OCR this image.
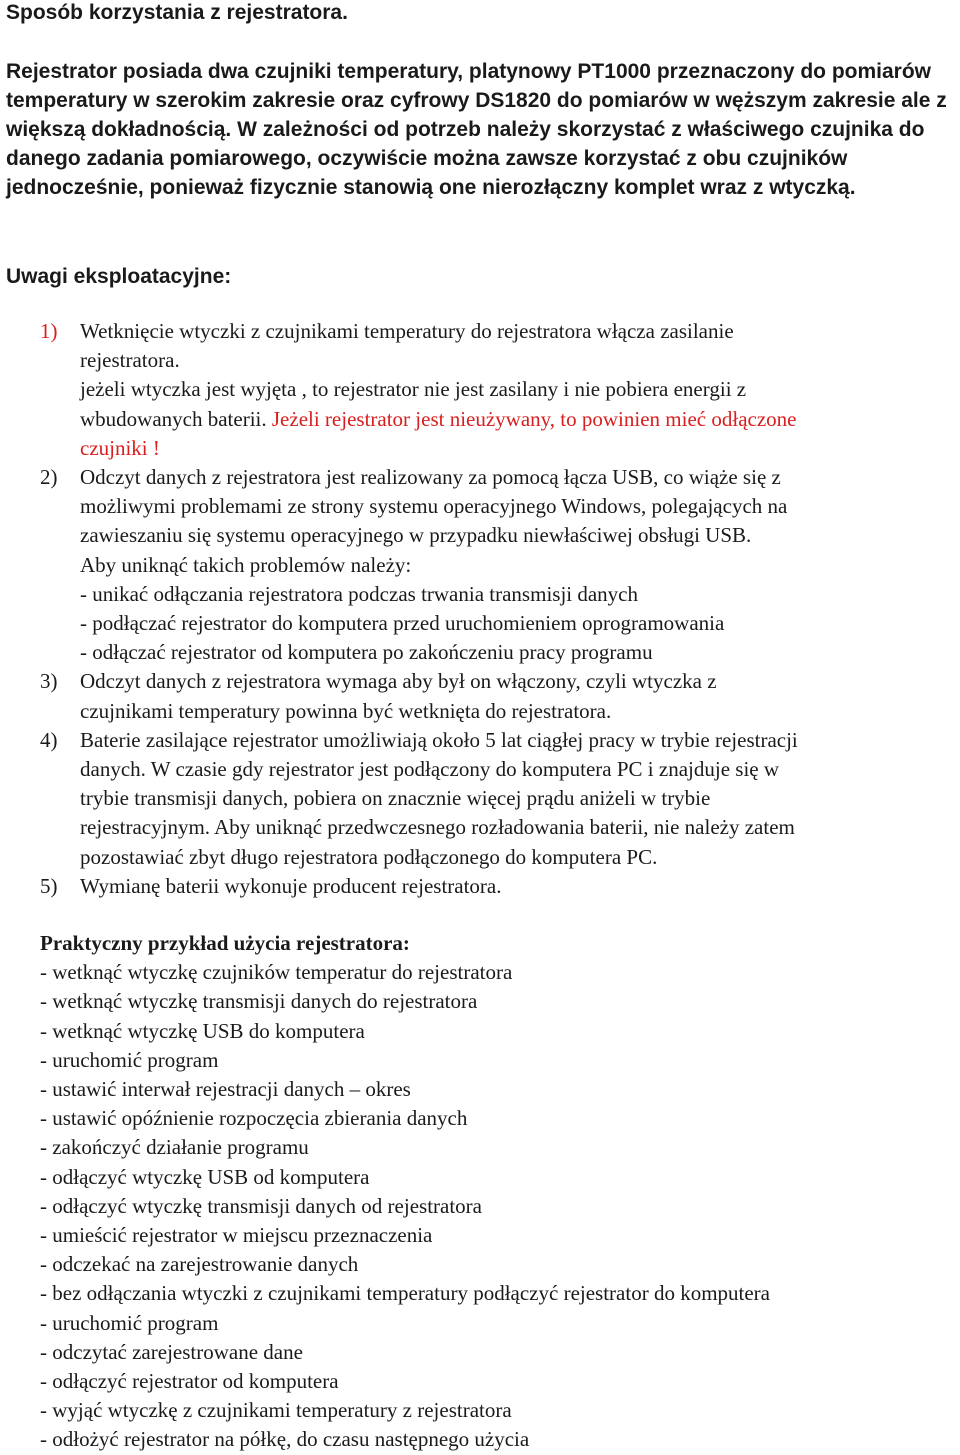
Sposób korzystania z rejestratora.
Rejestrator posiada dwa czujniki temperatury, platynowy PT1000 przeznaczony do pomiarów temperatury w szerokim zakresie oraz cyfrowy DS1820 do pomiarów w węższym zakresie ale z większą dokładnością. W zależności od potrzeb należy skorzystać z właściwego czujnika do danego zadania pomiarowego, oczywiście można zawsze korzystać z obu czujników jednocześnie, ponieważ fizycznie stanowią one nierozłączny komplet wraz z wtyczką.
Uwagi eksploatacyjne:
1) Wetknięcie wtyczki z czujnikami temperatury do rejestratora włącza zasilanie
rejestratora.
jeżeli wtyczka jest wyjęta , to rejestrator nie jest zasilany i nie pobiera energii z
wbudowanych baterii. Jeżeli rejestrator jest nieużywany, to powinien mieć odłączone
czujniki !
2) Odczyt danych z rejestratora jest realizowany za pomocą łącza USB, co wiąże się z
możliwymi problemami ze strony systemu operacyjnego Windows, polegających na
zawieszaniu się systemu operacyjnego w przypadku niewłaściwej obsługi USB.
Aby uniknąć takich problemów należy:
- unikać odłączania rejestratora podczas trwania transmisji danych
- podłączać rejestrator do komputera przed uruchomieniem oprogramowania
- odłączać rejestrator od komputera po zakończeniu pracy programu
3) Odczyt danych z rejestratora wymaga aby był on włączony, czyli wtyczka z
czujnikami temperatury powinna być wetknięta do rejestratora.
4) Baterie zasilające rejestrator umożliwiają około 5 lat ciągłej pracy w trybie rejestracji
danych. W czasie gdy rejestrator jest podłączony do komputera PC i znajduje się w
trybie transmisji danych, pobiera on znacznie więcej prądu aniżeli w trybie
rejestracyjnym. Aby uniknąć przedwczesnego rozładowania baterii, nie należy zatem
pozostawiać zbyt długo rejestratora podłączonego do komputera PC.
5) Wymianę baterii wykonuje producent rejestratora.
Praktyczny przykład użycia rejestratora:
- wetknąć wtyczkę czujników temperatur do rejestratora
- wetknąć wtyczkę transmisji danych do rejestratora
- wetknąć wtyczkę USB do komputera
- uruchomić program
- ustawić interwał rejestracji danych – okres
- ustawić opóźnienie rozpoczęcia zbierania danych
- zakończyć działanie programu
- odłączyć wtyczkę USB od komputera
- odłączyć wtyczkę transmisji danych od rejestratora
- umieścić rejestrator w miejscu przeznaczenia
- odczekać na zarejestrowanie danych
- bez odłączania wtyczki z czujnikami temperatury podłączyć rejestrator do komputera
- uruchomić program
- odczytać zarejestrowane dane
- odłączyć rejestrator od komputera
- wyjąć wtyczkę z czujnikami temperatury z rejestratora
- odłożyć rejestrator na półkę, do czasu następnego użycia
